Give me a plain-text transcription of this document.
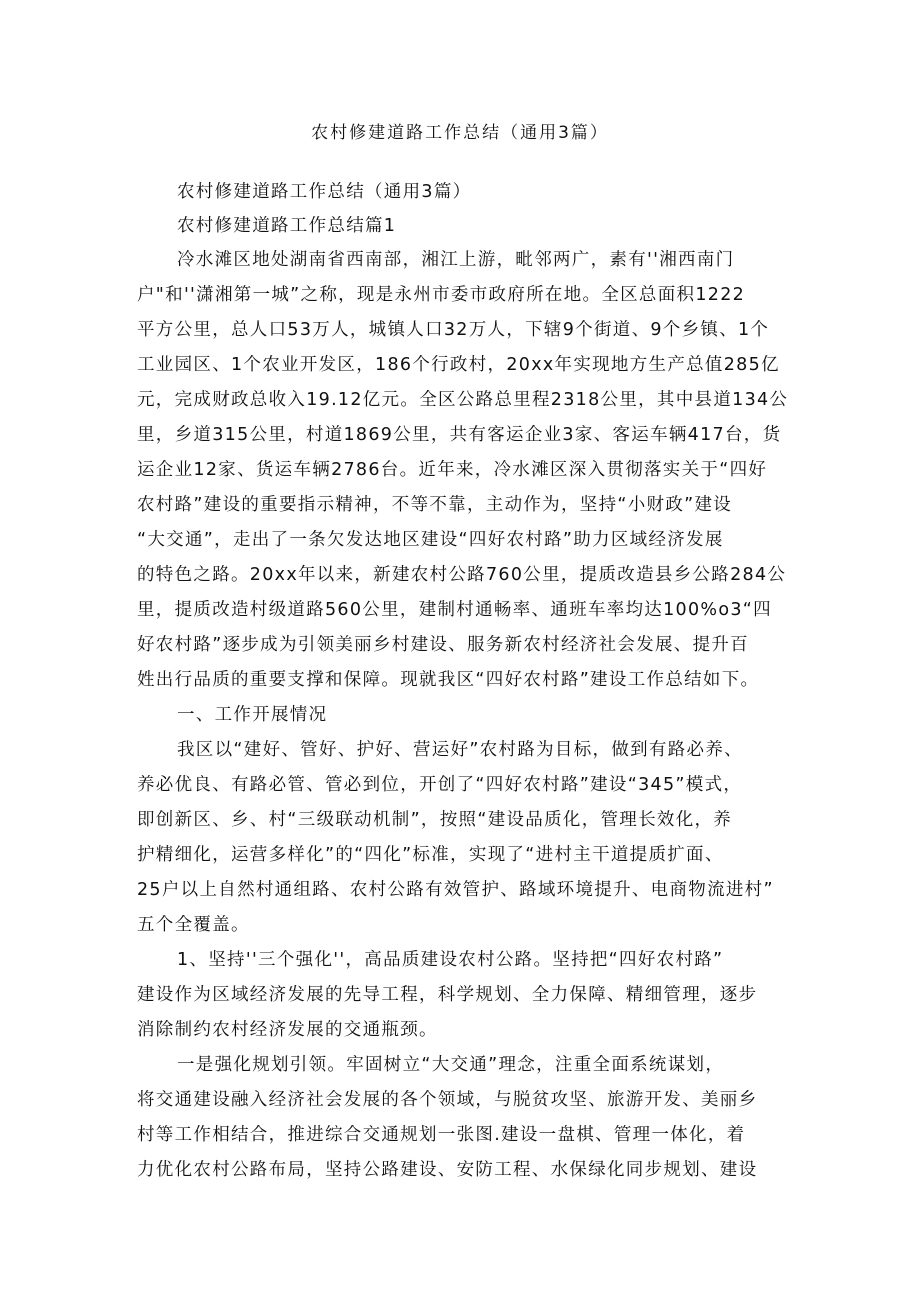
农村修建道路工作总结（通用3篇）
农村修建道路工作总结（通用3篇）
农村修建道路工作总结篇1
冷水滩区地处湖南省西南部，湘江上游，毗邻两广，素有''湘西南门
户"和''潇湘第一城”之称，现是永州市委市政府所在地。全区总面积1222
平方公里，总人口53万人，城镇人口32万人，下辖9个街道、9个乡镇、1个
工业园区、1个农业开发区，186个行政村，20xx年实现地方生产总值285亿
元，完成财政总收入19.12亿元。全区公路总里程2318公里，其中县道134公
里，乡道315公里，村道1869公里，共有客运企业3家、客运车辆417台，货
运企业12家、货运车辆2786台。近年来，冷水滩区深入贯彻落实关于“四好
农村路”建设的重要指示精神，不等不靠，主动作为，坚持“小财政”建设
“大交通”，走出了一条欠发达地区建设“四好农村路”助力区域经济发展
的特色之路。20xx年以来，新建农村公路760公里，提质改造县乡公路284公
里，提质改造村级道路560公里，建制村通畅率、通班车率均达100%o3“四
好农村路”逐步成为引领美丽乡村建设、服务新农村经济社会发展、提升百
姓出行品质的重要支撑和保障。现就我区“四好农村路”建设工作总结如下。
一、工作开展情况
我区以“建好、管好、护好、营运好”农村路为目标，做到有路必养、
养必优良、有路必管、管必到位，开创了“四好农村路”建设“345”模式，
即创新区、乡、村“三级联动机制”，按照“建设品质化，管理长效化，养
护精细化，运营多样化”的“四化”标准，实现了“进村主干道提质扩面、
25户以上自然村通组路、农村公路有效管护、路域环境提升、电商物流进村”
五个全覆盖。
1、坚持''三个强化''，高品质建设农村公路。坚持把“四好农村路”
建设作为区域经济发展的先导工程，科学规划、全力保障、精细管理，逐步
消除制约农村经济发展的交通瓶颈。
一是强化规划引领。牢固树立“大交通”理念，注重全面系统谋划，
将交通建设融入经济社会发展的各个领域，与脱贫攻坚、旅游开发、美丽乡
村等工作相结合，推进综合交通规划一张图.建设一盘棋、管理一体化，着
力优化农村公路布局，坚持公路建设、安防工程、水保绿化同步规划、建设
